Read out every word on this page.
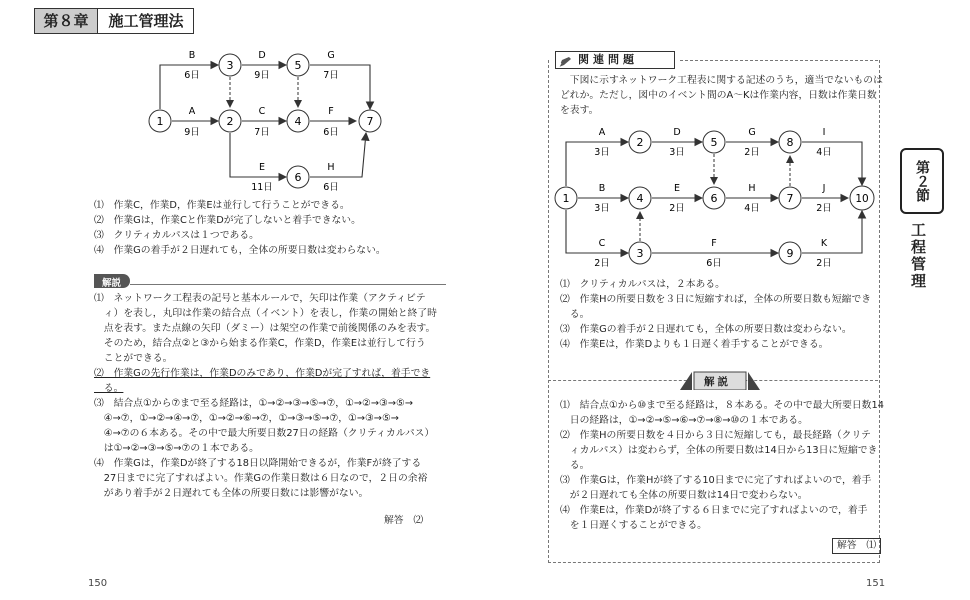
第８章	施工管理法
1	2
3
4
5
6
7
A
9日
B
6日
C
7日
D
9日
E
11日
F
6日
G
7日
H
6日
⑴　作業C，作業D，作業Eは並行して行うことができる。
⑵　作業Gは，作業Cと作業Dが完了しないと着手できない。
⑶　クリティカルパスは１つである。
⑷　作業Gの着手が２日遅れても，全体の所要日数は変わらない。
解説
⑴　ネットワーク工程表の記号と基本ルールで，矢印は作業（アクティビテ
　ィ）を表し，丸印は作業の結合点（イベント）を表し，作業の開始と終了時
　点を表す。また点線の矢印（ダミー）は架空の作業で前後関係のみを表す。
　そのため，結合点②と③から始まる作業C，作業D，作業Eは並行して行う
　ことができる。
⑵　作業Gの先行作業は，作業Dのみであり，作業Dが完了すれば，着手でき
　る。
⑶　結合点①から⑦まで至る経路は，①→②→③→⑤→⑦，①→②→③→⑤→
　④→⑦，①→②→④→⑦，①→②→⑥→⑦，①→③→⑤→⑦，①→③→⑤→
　④→⑦の６本ある。その中で最大所要日数27日の経路（クリティカルパス）
　は①→②→③→⑤→⑦の１本である。
⑷　作業Gは，作業Dが終了する18日以降開始できるが，作業Fが終了する
　27日までに完了すればよい。作業Gの作業日数は６日なので，２日の余裕
　があり着手が２日遅れても全体の所要日数には影響がない。
解答　⑵
150
関連問題
　下図に示すネットワーク工程表に関する記述のうち，適当でないものは
どれか。ただし，図中のイベント間のA～Kは作業内容，日数は作業日数
を表す。
1
2
3
4
5
6	7
8
9
10
A
3日
B
3日
C
2日
D
3日
E
2日
F
6日
G
2日
H
4日
I
4日
J
2日
K
2日
⑴　クリティカルパスは，２本ある。
⑵　作業Hの所要日数を３日に短縮すれば，全体の所要日数も短縮でき
　る。
⑶　作業Gの着手が２日遅れても，全体の所要日数は変わらない。
⑷　作業Eは，作業Dよりも１日遅く着手することができる。
解説
⑴　結合点①から⑩まで至る経路は，８本ある。その中で最大所要日数14
　日の経路は，①→②→⑤→⑥→⑦→⑧→⑩の１本である。
⑵　作業Hの所要日数を４日から３日に短縮しても，最長経路（クリテ
　ィカルパス）は変わらず，全体の所要日数は14日から13日に短縮でき
　る。
⑶　作業Gは，作業Hが終了する10日までに完了すればよいので，着手
　が２日遅れても全体の所要日数は14日で変わらない。
⑷　作業Eは，作業Dが終了する６日までに完了すればよいので，着手
　を１日遅くすることができる。
解答　⑴
151
第２節
工程管理
